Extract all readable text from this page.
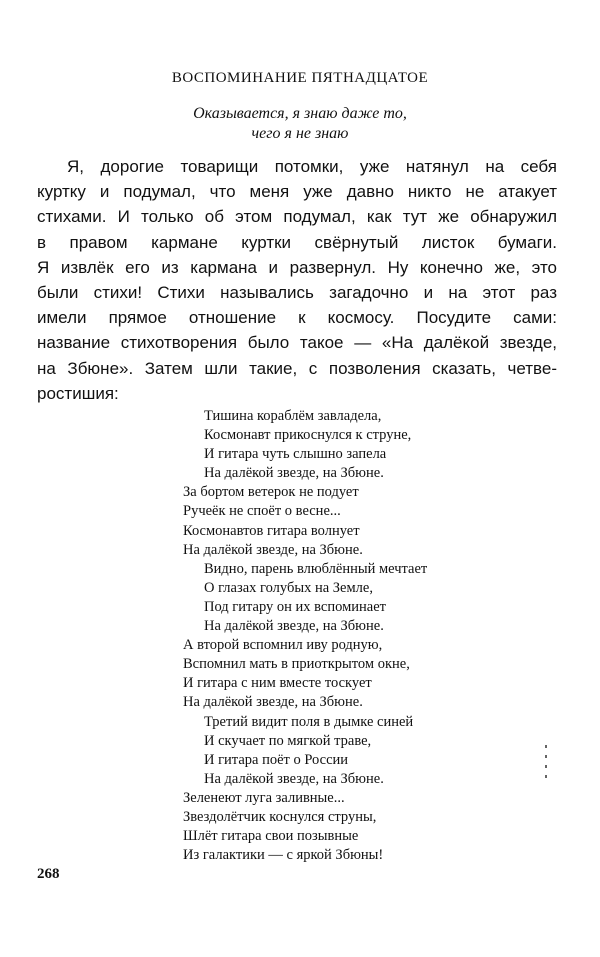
ВОСПОМИНАНИЕ ПЯТНАДЦАТОЕ
Оказывается, я знаю даже то,
чего я не знаю
Я, дорогие товарищи потомки, уже натянул на себя
куртку и подумал, что меня уже давно никто не атакует
стихами. И только об этом подумал, как тут же обнаружил
в правом кармане куртки свёрнутый листок бумаги.
Я извлёк его из кармана и развернул. Ну конечно же, это
были стихи! Стихи назывались загадочно и на этот раз
имели прямое отношение к космосу. Посудите сами:
название стихотворения было такое — «На далёкой звезде,
на Збюне». Затем шли такие, с позволения сказать, четве-
ростишия:
Тишина кораблём завладела,
Космонавт прикоснулся к струне,
И гитара чуть слышно запела
На далёкой звезде, на Збюне.
За бортом ветерок не подует
Ручеёк не споёт о весне...
Космонавтов гитара волнует
На далёкой звезде, на Збюне.
Видно, парень влюблённый мечтает
О глазах голубых на Земле,
Под гитару он их вспоминает
На далёкой звезде, на Збюне.
А второй вспомнил иву родную,
Вспомнил мать в приоткрытом окне,
И гитара с ним вместе тоскует
На далёкой звезде, на Збюне.
Третий видит поля в дымке синей
И скучает по мягкой траве,
И гитара поёт о России
На далёкой звезде, на Збюне.
Зеленеют луга заливные...
Звездолётчик коснулся струны,
Шлёт гитара свои позывные
Из галактики — с яркой Збюны!
268
